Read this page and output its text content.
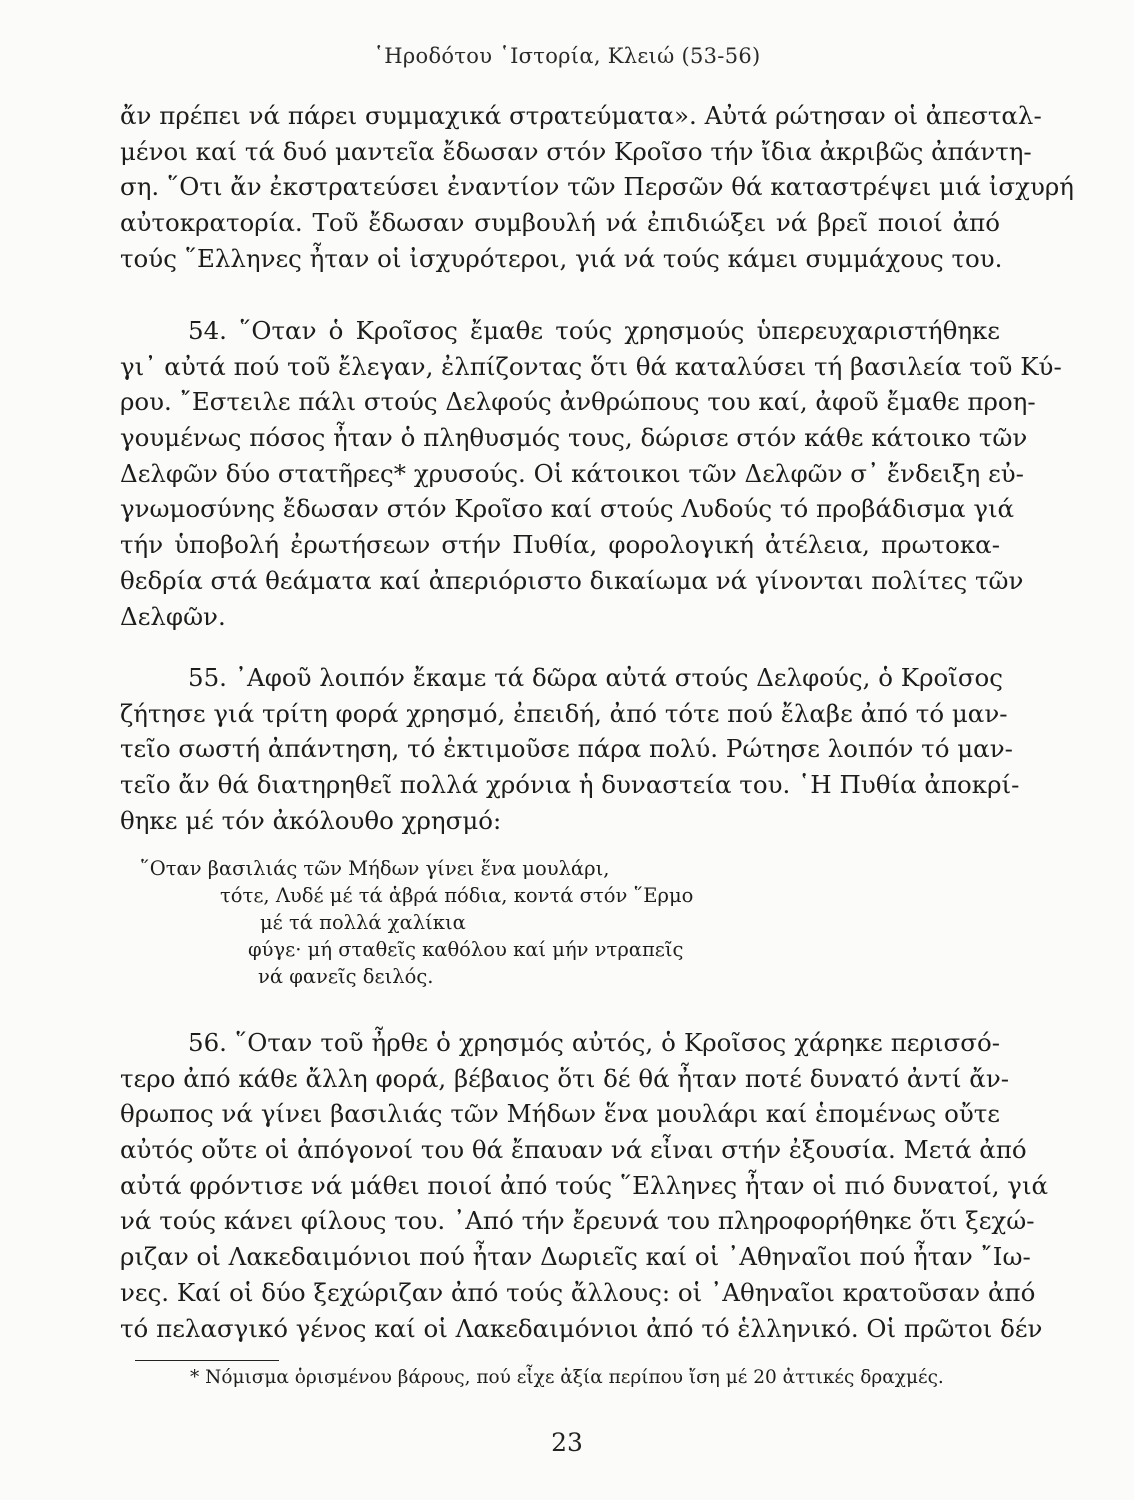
῾Ηροδότου ῾Ιστορία, Κλειώ (53-56)
ἄν πρέπει νά πάρει συμμαχικά στρατεύματα». Αὐτά ρώτησαν οἱ ἀπεσταλ-
μένοι καί τά δυό μαντεῖα ἔδωσαν στόν Κροῖσο τήν ἴδια ἀκριβῶς ἀπάντη-
ση. ῞Οτι ἄν ἐκστρατεύσει ἐναντίον τῶν Περσῶν θά καταστρέψει μιά ἰσχυρή
αὐτοκρατορία. Τοῦ ἔδωσαν συμβουλή νά ἐπιδιώξει νά βρεῖ ποιοί ἀπό
τούς ῞Ελληνες ἦταν οἱ ἰσχυρότεροι, γιά νά τούς κάμει συμμάχους του.
54. ῞Οταν ὁ Κροῖσος ἔμαθε τούς χρησμούς ὑπερευχαριστήθηκε
γι᾿ αὐτά πού τοῦ ἔλεγαν, ἐλπίζοντας ὅτι θά καταλύσει τή βασιλεία τοῦ Κύ-
ρου. ῎Εστειλε πάλι στούς Δελφούς ἀνθρώπους του καί, ἀφοῦ ἔμαθε προη-
γουμένως πόσος ἦταν ὁ πληθυσμός τους, δώρισε στόν κάθε κάτοικο τῶν
Δελφῶν δύο στατῆρες* χρυσούς. Οἱ κάτοικοι τῶν Δελφῶν σ᾿ ἔνδειξη εὐ-
γνωμοσύνης ἔδωσαν στόν Κροῖσο καί στούς Λυδούς τό προβάδισμα γιά
τήν ὑποβολή ἐρωτήσεων στήν Πυθία, φορολογική ἀτέλεια, πρωτοκα-
θεδρία στά θεάματα καί ἀπεριόριστο δικαίωμα νά γίνονται πολίτες τῶν
Δελφῶν.
55. ᾿Αφοῦ λοιπόν ἔκαμε τά δῶρα αὐτά στούς Δελφούς, ὁ Κροῖσος
ζήτησε γιά τρίτη φορά χρησμό, ἐπειδή, ἀπό τότε πού ἔλαβε ἀπό τό μαν-
τεῖο σωστή ἀπάντηση, τό ἐκτιμοῦσε πάρα πολύ. Ρώτησε λοιπόν τό μαν-
τεῖο ἄν θά διατηρηθεῖ πολλά χρόνια ἡ δυναστεία του. ῾Η Πυθία ἀποκρί-
θηκε μέ τόν ἀκόλουθο χρησμό:
῞Οταν βασιλιάς τῶν Μήδων γίνει ἕνα μουλάρι,
τότε, Λυδέ μέ τά ἁβρά πόδια, κοντά στόν ῞Ερμο
μέ τά πολλά χαλίκια
φύγε· μή σταθεῖς καθόλου καί μήν ντραπεῖς
νά φανεῖς δειλός.
56. ῞Οταν τοῦ ἦρθε ὁ χρησμός αὐτός, ὁ Κροῖσος χάρηκε περισσό-
τερο ἀπό κάθε ἄλλη φορά, βέβαιος ὅτι δέ θά ἦταν ποτέ δυνατό ἀντί ἄν-
θρωπος νά γίνει βασιλιάς τῶν Μήδων ἕνα μουλάρι καί ἑπομένως οὔτε
αὐτός οὔτε οἱ ἀπόγονοί του θά ἔπαυαν νά εἶναι στήν ἐξουσία. Μετά ἀπό
αὐτά φρόντισε νά μάθει ποιοί ἀπό τούς ῞Ελληνες ἦταν οἱ πιό δυνατοί, γιά
νά τούς κάνει φίλους του. ᾿Από τήν ἔρευνά του πληροφορήθηκε ὅτι ξεχώ-
ριζαν οἱ Λακεδαιμόνιοι πού ἦταν Δωριεῖς καί οἱ ᾿Αθηναῖοι πού ἦταν ῎Ιω-
νες. Καί οἱ δύο ξεχώριζαν ἀπό τούς ἄλλους: οἱ ᾿Αθηναῖοι κρατοῦσαν ἀπό
τό πελασγικό γένος καί οἱ Λακεδαιμόνιοι ἀπό τό ἑλληνικό. Οἱ πρῶτοι δέν
* Νόμισμα ὁρισμένου βάρους, πού εἶχε ἀξία περίπου ἴση μέ 20 ἀττικές δραχμές.
23
